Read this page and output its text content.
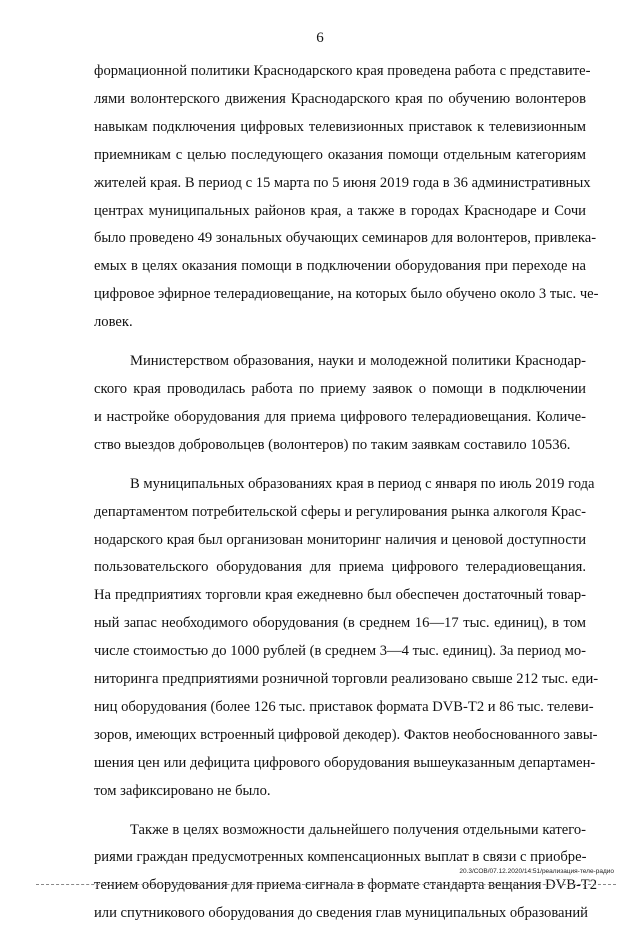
6
формационной политики Краснодарского края проведена работа с представите-
лями волонтерского движения Краснодарского края по обучению волонтеров
навыкам подключения цифровых телевизионных приставок к телевизионным
приемникам с целью последующего оказания помощи отдельным категориям
жителей края. В период с 15 марта по 5 июня 2019 года в 36 административных
центрах муниципальных районов края, а также в городах Краснодаре и Сочи
было проведено 49 зональных обучающих семинаров для волонтеров, привлека-
емых в целях оказания помощи в подключении оборудования при переходе на
цифровое эфирное телерадиовещание, на которых было обучено около 3 тыс. че-
ловек.
Министерством образования, науки и молодежной политики Краснодар-
ского края проводилась работа по приему заявок о помощи в подключении
и настройке оборудования для приема цифрового телерадиовещания. Количе-
ство выездов добровольцев (волонтеров) по таким заявкам составило 10536.
В муниципальных образованиях края в период с января по июль 2019 года
департаментом потребительской сферы и регулирования рынка алкоголя Крас-
нодарского края был организован мониторинг наличия и ценовой доступности
пользовательского оборудования для приема цифрового телерадиовещания.
На предприятиях торговли края ежедневно был обеспечен достаточный товар-
ный запас необходимого оборудования (в среднем 16—17 тыс. единиц), в том
числе стоимостью до 1000 рублей (в среднем 3—4 тыс. единиц). За период мо-
ниторинга предприятиями розничной торговли реализовано свыше 212 тыс. еди-
ниц оборудования (более 126 тыс. приставок формата DVB-T2 и 86 тыс. телеви-
зоров, имеющих встроенный цифровой декодер). Фактов необоснованного завы-
шения цен или дефицита цифрового оборудования вышеуказанным департамен-
том зафиксировано не было.
Также в целях возможности дальнейшего получения отдельными катего-
риями граждан предусмотренных компенсационных выплат в связи с приобре-
тением оборудования для приема сигнала в формате стандарта вещания DVB-T2
или спутникового оборудования до сведения глав муниципальных образований
20.3/СОВ/07.12.2020/14:51/реализация-теле-радио
